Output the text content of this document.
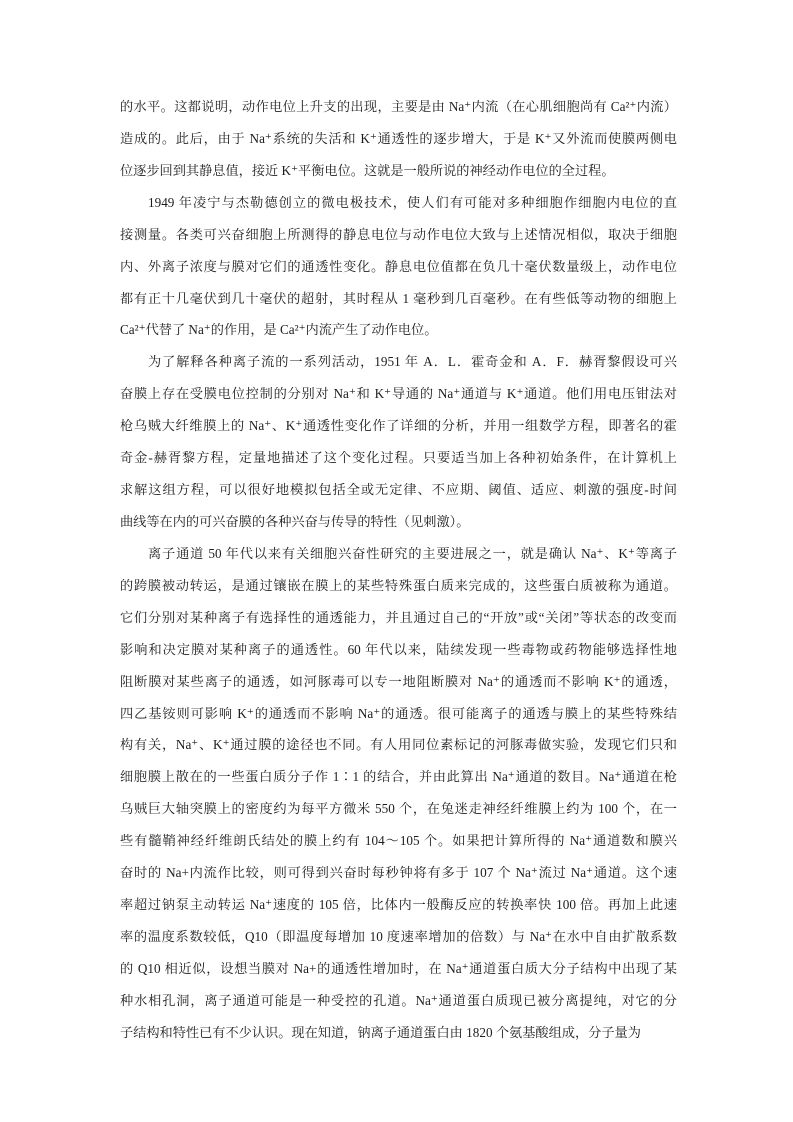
的水平。这都说明，动作电位上升支的出现，主要是由 Na⁺内流（在心肌细胞尚有 Ca²⁺内流）
造成的。此后，由于 Na⁺系统的失活和 K⁺通透性的逐步增大，于是 K⁺又外流而使膜两侧电
位逐步回到其静息值，接近 K⁺平衡电位。这就是一般所说的神经动作电位的全过程。
1949 年凌宁与杰勒德创立的微电极技术，使人们有可能对多种细胞作细胞内电位的直
接测量。各类可兴奋细胞上所测得的静息电位与动作电位大致与上述情况相似，取决于细胞
内、外离子浓度与膜对它们的通透性变化。静息电位值都在负几十毫伏数量级上，动作电位
都有正十几毫伏到几十毫伏的超射，其时程从 1 毫秒到几百毫秒。在有些低等动物的细胞上
Ca²⁺代替了 Na⁺的作用，是 Ca²⁺内流产生了动作电位。
为了解释各种离子流的一系列活动，1951 年 A．L．霍奇金和 A．F．赫胥黎假设可兴
奋膜上存在受膜电位控制的分别对 Na⁺和 K⁺导通的 Na⁺通道与 K⁺通道。他们用电压钳法对
枪乌贼大纤维膜上的 Na⁺、K⁺通透性变化作了详细的分析，并用一组数学方程，即著名的霍
奇金-赫胥黎方程，定量地描述了这个变化过程。只要适当加上各种初始条件，在计算机上
求解这组方程，可以很好地模拟包括全或无定律、不应期、阈值、适应、刺激的强度-时间
曲线等在内的可兴奋膜的各种兴奋与传导的特性（见刺激）。
离子通道 50 年代以来有关细胞兴奋性研究的主要进展之一，就是确认 Na⁺、K⁺等离子
的跨膜被动转运，是通过镶嵌在膜上的某些特殊蛋白质来完成的，这些蛋白质被称为通道。
它们分别对某种离子有选择性的通透能力，并且通过自己的“开放”或“关闭”等状态的改变而
影响和决定膜对某种离子的通透性。60 年代以来，陆续发现一些毒物或药物能够选择性地
阻断膜对某些离子的通透，如河豚毒可以专一地阻断膜对 Na⁺的通透而不影响 K⁺的通透，
四乙基铵则可影响 K⁺的通透而不影响 Na⁺的通透。很可能离子的通透与膜上的某些特殊结
构有关，Na⁺、K⁺通过膜的途径也不同。有人用同位素标记的河豚毒做实验，发现它们只和
细胞膜上散在的一些蛋白质分子作 1∶1 的结合，并由此算出 Na⁺通道的数目。Na⁺通道在枪
乌贼巨大轴突膜上的密度约为每平方微米 550 个，在兔迷走神经纤维膜上约为 100 个，在一
些有髓鞘神经纤维朗氏结处的膜上约有 104～105 个。如果把计算所得的 Na⁺通道数和膜兴
奋时的 Na+内流作比较，则可得到兴奋时每秒钟将有多于 107 个 Na⁺流过 Na⁺通道。这个速
率超过钠泵主动转运 Na⁺速度的 105 倍，比体内一般酶反应的转换率快 100 倍。再加上此速
率的温度系数较低，Q10（即温度每增加 10 度速率增加的倍数）与 Na⁺在水中自由扩散系数
的 Q10 相近似，设想当膜对 Na+的通透性增加时，在 Na⁺通道蛋白质大分子结构中出现了某
种水相孔洞，离子通道可能是一种受控的孔道。Na⁺通道蛋白质现已被分离提纯，对它的分
子结构和特性已有不少认识。现在知道，钠离子通道蛋白由 1820 个氨基酸组成，分子量为
